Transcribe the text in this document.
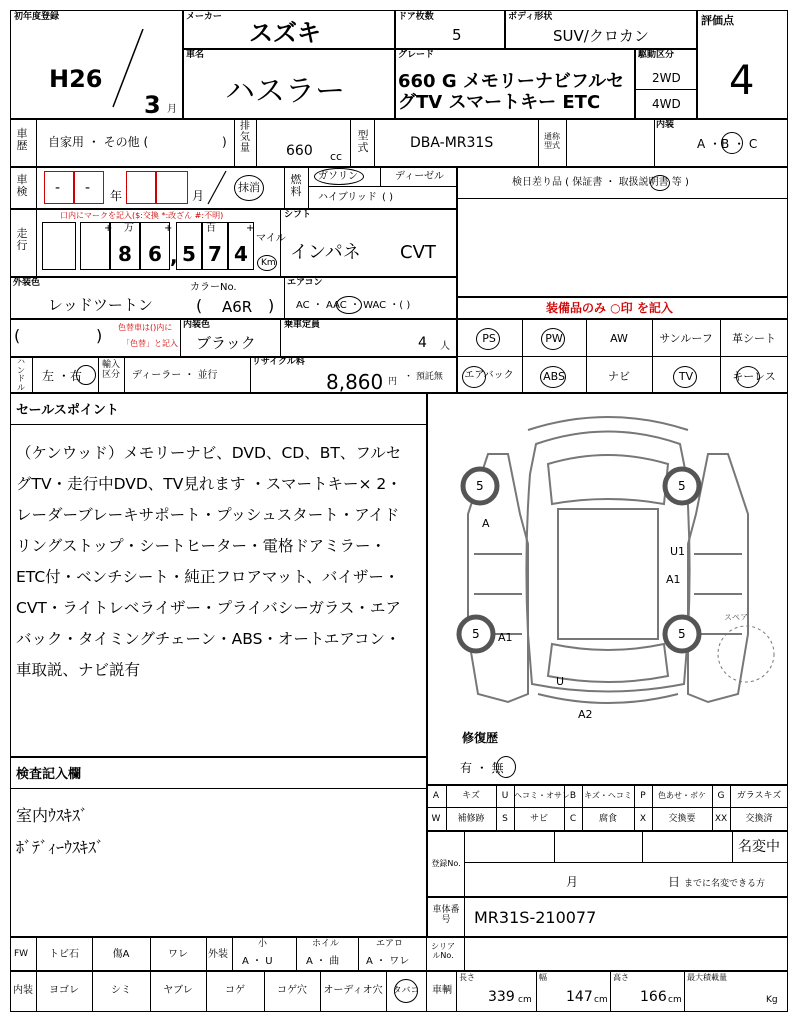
初年度登録
H26
3 月
メーカー
スズキ
ドア枚数
5
ボディ形状
SUV/クロカン
評価点
4
車名
ハスラー
グレード
660 G メモリーナビフルセ
グTV スマートキー ETC
駆動区分
2WD
4WD
車歴 自家用 ・ その他 (	)
排気量	660 cc
型式	DBA-MR31S	通称型式
内装
A ・B ・ C
車検 - - 年	月
抹消
燃料
ガソリン	ディーゼル
ハイブリッド ( )
検日差り品 ( 保証書 ・ 取扱説明書 等 )
走行
口内にマークを記入($:交換 *:改ざん #:不明)
+ 万	+	百	+
8 6 , 5 7 4
マイル
Km
シフト
インパネ CVT
外装色
レッドツートン
カラーNo.
( A6R )
エアコン
AC ・ AAC ・ WAC ・( )	装備品のみ ○印 を記入
(	) 色替車は()内に
「色替」と記入
内装色
ブラック
乗車定員
4 人
PS	PW	AW	サンルーフ	革シート
エアバック	ABS	ナビ	TV	キーレス
ハンドル
左 ・右
輸入区分 ディーラー ・ 並行
リサイクル料
8,860 円 ・ 預託無
セールスポイント

（ケンウッド）メモリーナビ、DVD、CD、BT、フルセ

グTV・走行中DVD、TV見れます ・スマートキー× 2・

レーダーブレーキサポート・プッシュスタート・アイド

リングストップ・シートヒーター・電格ドアミラー・

ETC付・ベンチシート・純正フロアマット、バイザー・

CVT・ライトレベライザー・プライバシーガラス・エア

バック・タイミングチェーン・ABS・オートエアコン・

車取説、ナビ説有

5	5
5	5
A
U1
A1
A1
U
A2
スペア
修復歴
有 ・ 無
A	キズ	U ヘコミ・オサレ B キズ・ヘコミ P	色あせ・ボケ	G	ガラスキズ
W	補修跡	S	サビ	C	腐食	X	交換要	XX	交換済
検査記入欄
室内ｳｽｷｽﾞ
ﾎﾞﾃﾞｨｰｳｽｷｽﾞ
登録No.
名変中
月	日 までに名変できる方
車体番号	MR31S-210077
FW	トビ石	傷A	ワレ	外装
小
A ・ U
ホイル
A ・ 曲
エアロ
A ・ ワレ
シリアルNo.
内装	ヨゴレ	シミ	ヤブレ	コゲ	コゲ穴	オーディオ穴	タバコ	車輌
長さ
339 cm
幅
147 cm
高さ
166 cm
最大積載量
Kg
